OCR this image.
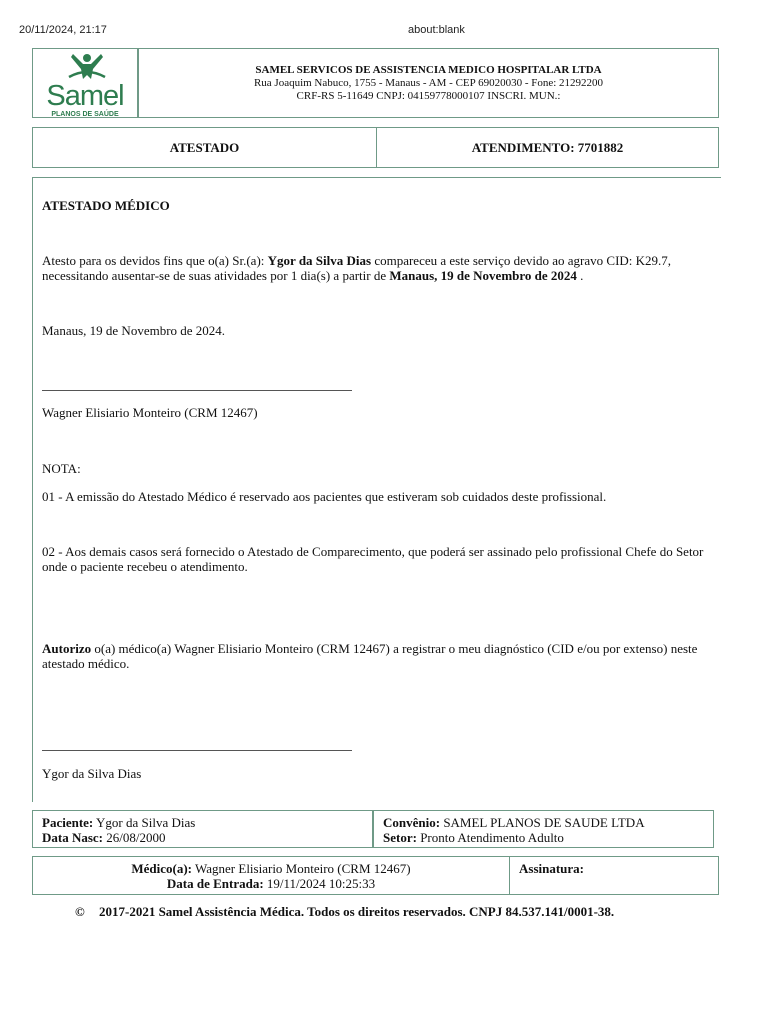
20/11/2024, 21:17	about:blank
Samel
PLANOS DE SAÚDE
SAMEL SERVICOS DE ASSISTENCIA MEDICO HOSPITALAR LTDA
Rua Joaquim Nabuco, 1755 - Manaus - AM - CEP 69020030 - Fone: 21292200
CRF-RS 5-11649 CNPJ: 04159778000107 INSCRI. MUN.:
ATESTADO	ATENDIMENTO: 7701882
ATESTADO MÉDICO
Atesto para os devidos fins que o(a) Sr.(a): Ygor da Silva Dias compareceu a este serviço devido ao agravo CID: K29.7, necessitando ausentar-se de suas atividades por 1 dia(s) a partir de Manaus, 19 de Novembro de 2024 .
Manaus, 19 de Novembro de 2024.
Wagner Elisiario Monteiro (CRM 12467)
NOTA:
01 - A emissão do Atestado Médico é reservado aos pacientes que estiveram sob cuidados deste profissional.
02 - Aos demais casos será fornecido o Atestado de Comparecimento, que poderá ser assinado pelo profissional Chefe do Setor onde o paciente recebeu o atendimento.
Autorizo o(a) médico(a) Wagner Elisiario Monteiro (CRM 12467) a registrar o meu diagnóstico (CID e/ou por extenso) neste atestado médico.
Ygor da Silva Dias
Paciente: Ygor da Silva Dias
Data Nasc: 26/08/2000
Convênio: SAMEL PLANOS DE SAUDE LTDA
Setor: Pronto Atendimento Adulto
Médico(a): Wagner Elisiario Monteiro (CRM 12467)
Data de Entrada: 19/11/2024 10:25:33
Assinatura:
© 2017-2021 Samel Assistência Médica. Todos os direitos reservados. CNPJ 84.537.141/0001-38.
